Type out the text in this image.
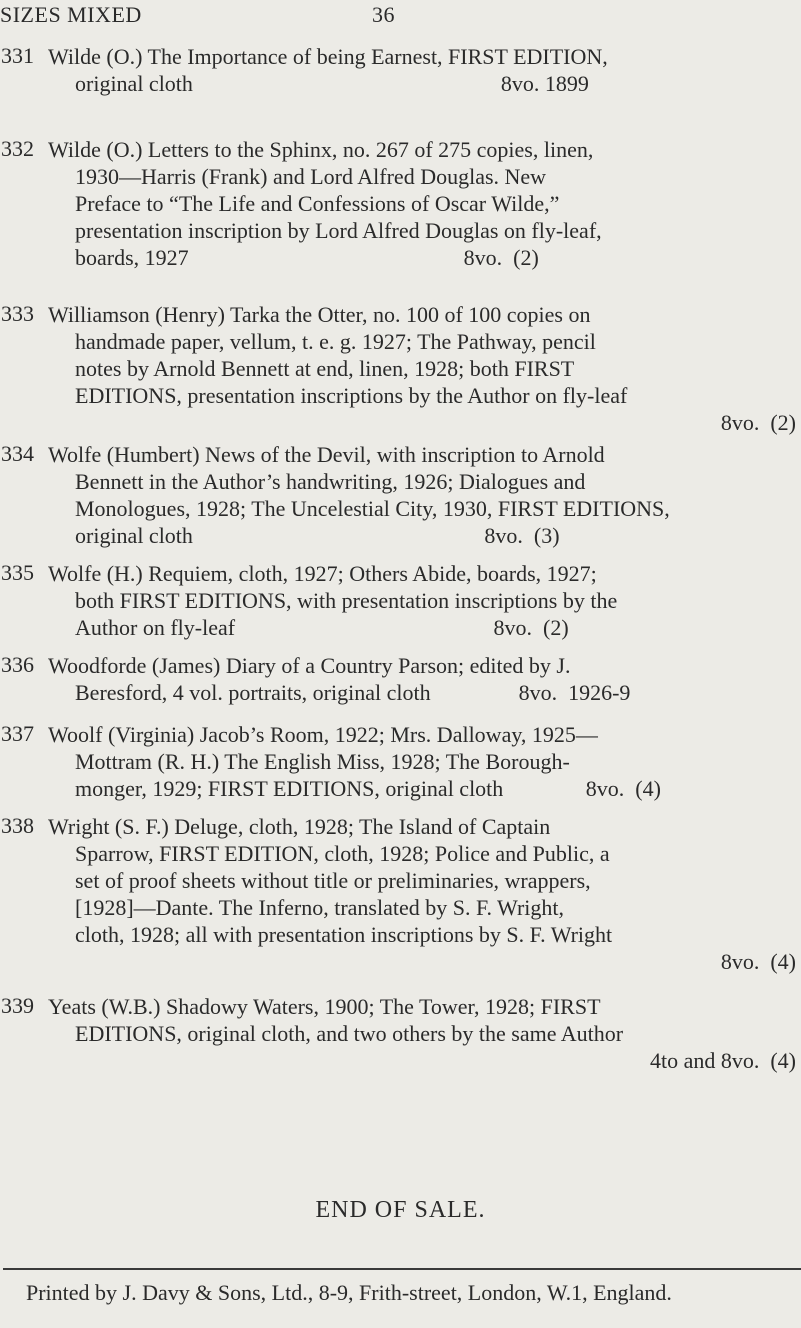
SIZES MIXED	36
331 Wilde (O.) The Importance of being Earnest, FIRST EDITION,
original cloth                                                        8vo. 1899
332 Wilde (O.) Letters to the Sphinx, no. 267 of 275 copies, linen,
1930—Harris (Frank) and Lord Alfred Douglas. New
Preface to “The Life and Confessions of Oscar Wilde,”
presentation inscription by Lord Alfred Douglas on fly-leaf,
boards, 1927                                                  8vo.  (2)
333 Williamson (Henry) Tarka the Otter, no. 100 of 100 copies on
handmade paper, vellum, t. e. g. 1927; The Pathway, pencil
notes by Arnold Bennett at end, linen, 1928; both FIRST
EDITIONS, presentation inscriptions by the Author on fly-leaf
8vo.  (2)
334 Wolfe (Humbert) News of the Devil, with inscription to Arnold
Bennett in the Author’s handwriting, 1926; Dialogues and
Monologues, 1928; The Uncelestial City, 1930, FIRST EDITIONS,
original cloth                                                     8vo.  (3)
335 Wolfe (H.) Requiem, cloth, 1927; Others Abide, boards, 1927;
both FIRST EDITIONS, with presentation inscriptions by the
Author on fly-leaf                                               8vo.  (2)
336 Woodforde (James) Diary of a Country Parson; edited by J.
Beresford, 4 vol. portraits, original cloth                8vo.  1926-9
337 Woolf (Virginia) Jacob’s Room, 1922; Mrs. Dalloway, 1925—
Mottram (R. H.) The English Miss, 1928; The Borough-
monger, 1929; FIRST EDITIONS, original cloth               8vo.  (4)
338 Wright (S. F.) Deluge, cloth, 1928; The Island of Captain
Sparrow, FIRST EDITION, cloth, 1928; Police and Public, a
set of proof sheets without title or preliminaries, wrappers,
[1928]—Dante. The Inferno, translated by S. F. Wright,
cloth, 1928; all with presentation inscriptions by S. F. Wright
8vo.  (4)
339 Yeats (W.B.) Shadowy Waters, 1900; The Tower, 1928; FIRST
EDITIONS, original cloth, and two others by the same Author
4to and 8vo.  (4)
END OF SALE.
Printed by J. Davy & Sons, Ltd., 8-9, Frith-street, London, W.1, England.
